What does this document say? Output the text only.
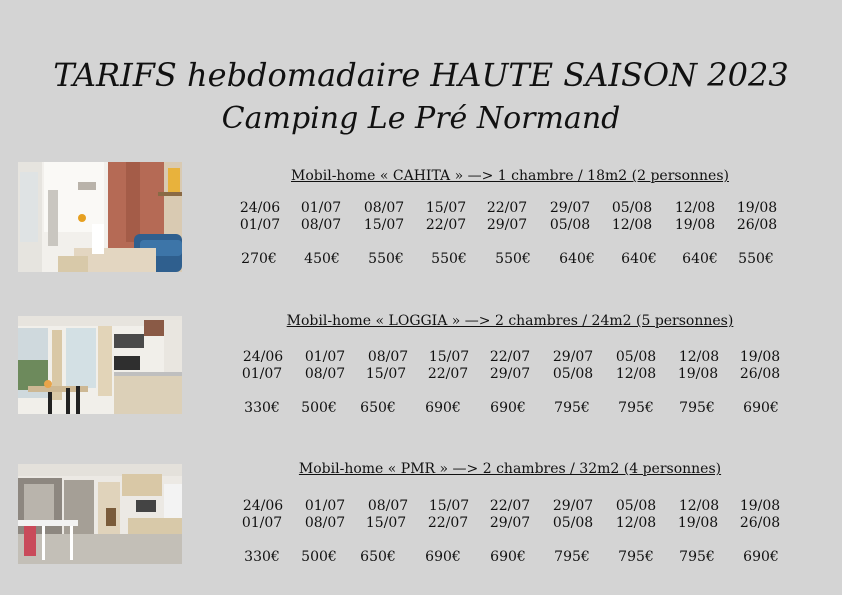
TARIFS hebdomadaire HAUTE SAISON 2023
Camping Le Pré Normand
Mobil-home « CAHITA » —> 1 chambre / 18m2 (2 personnes)
24/06	01/07	08/07	15/07	22/07	29/07	05/08	12/08	19/08
01/07	08/07	15/07	22/07	29/07	05/08	12/08	19/08	26/08
270€	450€	550€	550€	550€	640€	640€	640€	550€
Mobil-home « LOGGIA » —> 2 chambres / 24m2 (5 personnes)
24/06	01/07	08/07	15/07	22/07	29/07	05/08	12/08	19/08
01/07	08/07	15/07	22/07	29/07	05/08	12/08	19/08	26/08
330€	500€	650€	690€	690€	795€	795€	795€	690€
Mobil-home « PMR » —> 2 chambres / 32m2 (4 personnes)
24/06	01/07	08/07	15/07	22/07	29/07	05/08	12/08	19/08
01/07	08/07	15/07	22/07	29/07	05/08	12/08	19/08	26/08
330€	500€	650€	690€	690€	795€	795€	795€	690€
